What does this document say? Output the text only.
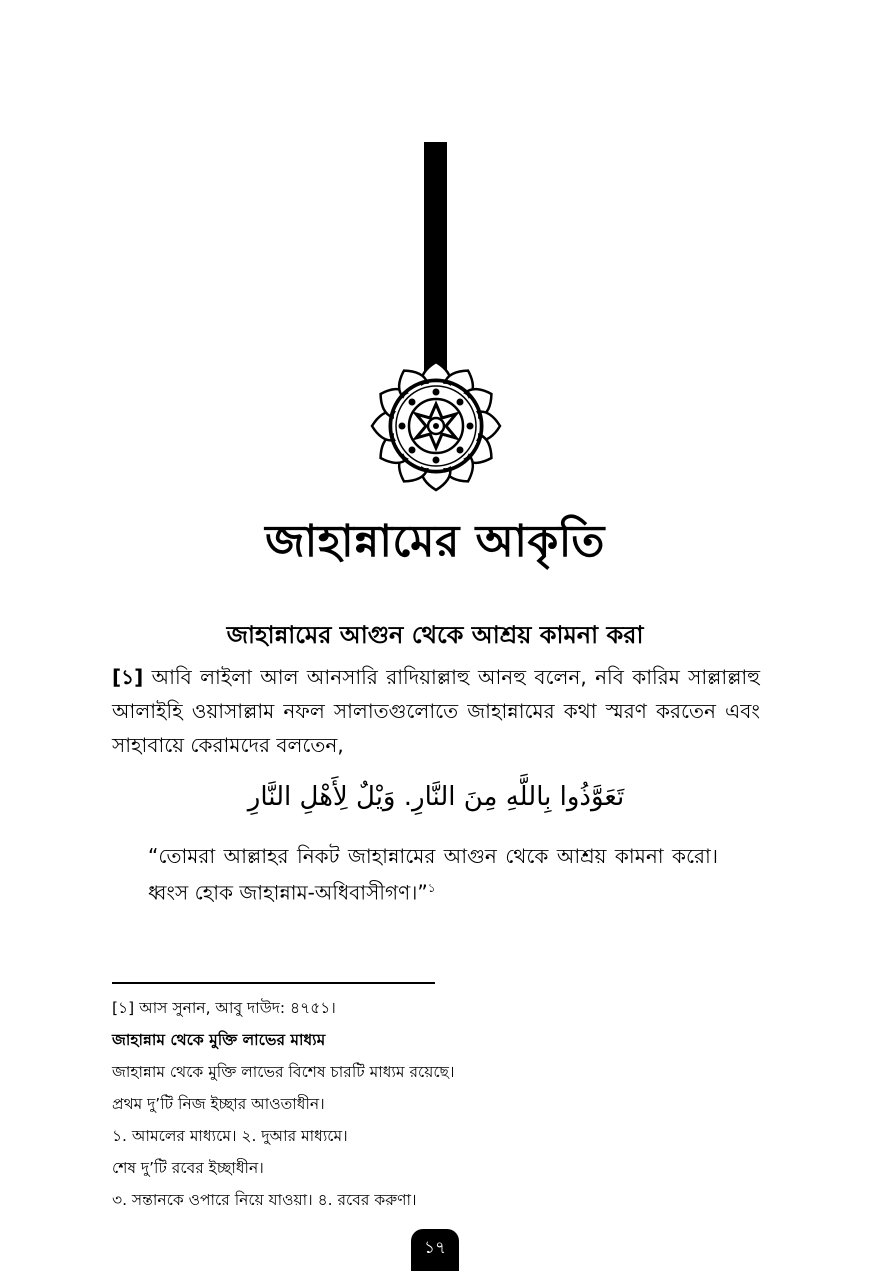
জাহান্নামের আকৃতি
জাহান্নামের আগুন থেকে আশ্রয় কামনা করা
[১] আবি লাইলা আল আনসারি রাদিয়াল্লাহু আনহু বলেন, নবি কারিম সাল্লাল্লাহু আলাইহি ওয়াসাল্লাম নফল সালাতগুলোতে জাহান্নামের কথা স্মরণ করতেন এবং সাহাবায়ে কেরামদের বলতেন,
تَعَوَّذُوا بِاللَّهِ مِنَ النَّارِ. وَيْلٌ لِأَهْلِ النَّارِ
“তোমরা আল্লাহর নিকট জাহান্নামের আগুন থেকে আশ্রয় কামনা করো। ধ্বংস হোক জাহান্নাম-অধিবাসীগণ।”$^১$
[১] আস সুনান, আবু দাউদ: ৪৭৫১।
জাহান্নাম থেকে মুক্তি লাভের মাধ্যম
জাহান্নাম থেকে মুক্তি লাভের বিশেষ চারটি মাধ্যম রয়েছে।
প্রথম দু’টি নিজ ইচ্ছার আওতাধীন।
১. আমলের মাধ্যমে। ২. দুআর মাধ্যমে।
শেষ দু’টি রবের ইচ্ছাধীন।
৩. সন্তানকে ওপারে নিয়ে যাওয়া। ৪. রবের করুণা।
১৭
